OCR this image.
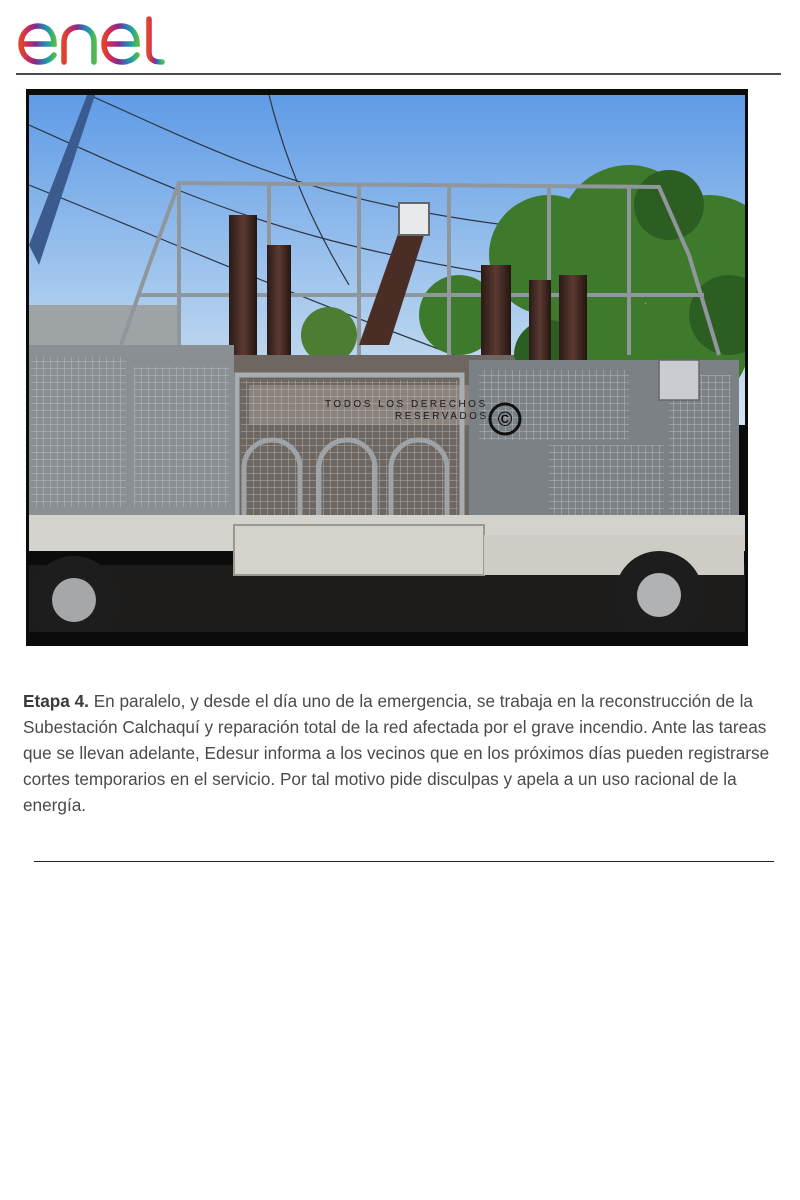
TODOS LOS DERECHOS
RESERVADOS ©

Etapa 4. En paralelo, y desde el día uno de la emergencia, se trabaja en la reconstrucción de la Subestación Calchaquí y reparación total de la red afectada por el grave incendio. Ante las tareas que se llevan adelante, Edesur informa a los vecinos que en los próximos días pueden registrarse cortes temporarios en el servicio. Por tal motivo pide disculpas y apela a un uso racional de la energía.
